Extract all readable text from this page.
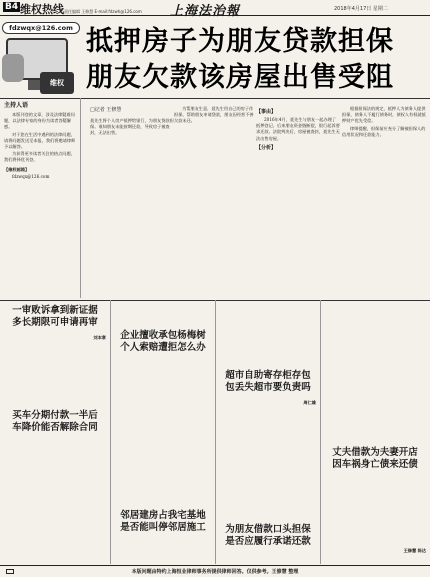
B4 维权热线 责任编辑 王修慧 E-mail:fdzwh@126.com 上海法治報	2018年4月17日 星期二
fdzwqx@126.com
维权
抵押房子为朋友贷款担保
朋友欠款该房屋出售受阻
主持人语

本版刊登的文章，涉及法律疑难问题，以法律专家的身份为读者答疑解惑。

对于您在生活中遇到的法律问题，请将问题发送至本报，我们将邀请律师予以解答。

为获得更多读者关注的热点问题，我们将择优刊登。

【维权邮箱】

fdzwqx@126.com

□记者 王修慧
聂先生将个人房产抵押给银行，为朋友贷款担保。谁知朋友未能按期还款，导致房子被查封，无法出售。

为帮朋友生意，聂先生用自己的房子作担保，帮助朋友申请贷款，朋友因经营不善欠款未还。

【事由】

2016年4月，聂先生与朋友一起办理了抵押登记。后来朋友资金链断裂，银行起诉要求还款。法院判决后，房屋被查封，聂先生无法出售房屋。

【分析】

根据担保法的规定，抵押人为债务人提供担保，债务人不履行债务时，债权人有权就抵押财产优先受偿。

律师提醒，担保前应充分了解被担保人的信用状况和还款能力。

一审败诉拿到新证据
多长期限可申请再审
买车分期付款一半后
车降价能否解除合同
企业擅收承包杨梅树
个人索赔遭拒怎么办
邻居建房占我宅基地
是否能叫停邻居施工
超市自助寄存柜存包
包丢失超市要负责吗
为朋友借款口头担保
是否应履行承诺还款
丈夫借款为夫妻开店
因车祸身亡债来还债

刘本章

周仁雄

王修慧 陈达

本版问题由特约上海恒业律师事务所提供律师回答。仅供参考。王修慧 整理
